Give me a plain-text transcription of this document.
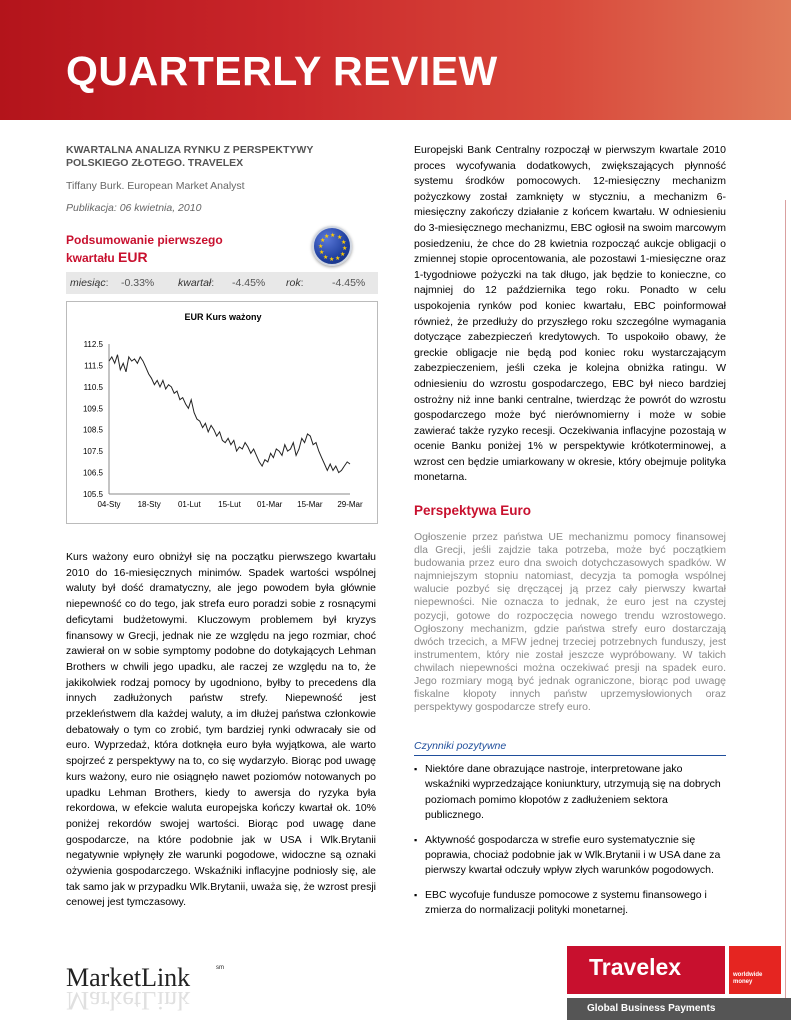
QUARTERLY REVIEW
KWARTALNA ANALIZA RYNKU Z PERSPEKTYWY
POLSKIEGO ZŁOTEGO. TRAVELEX
Tiffany Burk. European Market Analyst
Publikacja: 06 kwietnia, 2010
Podsumowanie pierwszego
kwartału EUR
★ ★
★
★
★
★
★
★
★
★
★
★
miesiąc: -0.33% kwartał: -4.45% rok:	-4.45%
EUR Kurs ważony
112.5
111.5
110.5
109.5
108.5
107.5
106.5
105.5
04-Sty 18-Sty 01-Lut 15-Lut 01-Mar 15-Mar 29-Mar
Kurs ważony euro obniżył się na początku pierwszego kwartału 2010 do 16-miesięcznych minimów. Spadek wartości wspólnej waluty był dość dramatyczny, ale jego powodem była głównie niepewność co do tego, jak strefa euro poradzi sobie z rosnącymi deficytami budżetowymi. Kluczowym problemem był kryzys finansowy w Grecji, jednak nie ze względu na jego rozmiar, choć zawierał on w sobie symptomy podobne do dotykających Lehman Brothers w chwili jego upadku, ale raczej ze względu na to, że jakikolwiek rodzaj pomocy by ugodniono, byłby to precedens dla innych zadłużonych państw strefy. Niepewność jest przekleństwem dla każdej waluty, a im dłużej państwa członkowie debatowały o tym co zrobić, tym bardziej rynki odwracały sie od euro. Wyprzedaż, która dotknęła euro była wyjątkowa, ale warto spojrzeć z perspektywy na to, co się wydarzyło. Biorąc pod uwagę kurs ważony, euro nie osiągnęło nawet poziomów notowanych po upadku Lehman Brothers, kiedy to awersja do ryzyka była rekordowa, w efekcie waluta europejska kończy kwartał ok. 10% poniżej rekordów swojej wartości. Biorąc pod uwagę dane gospodarcze, na które podobnie jak w USA i Wlk.Brytanii negatywnie wpłynęły złe warunki pogodowe, widoczne są oznaki ożywienia gospodarczego. Wskaźniki inflacyjne podniosły się, ale tak samo jak w przypadku Wlk.Brytanii, uważa się, że wzrost presji cenowej jest tymczasowy.
Europejski Bank Centralny rozpoczął w pierwszym kwartale 2010 proces wycofywania dodatkowych, zwiększających płynność systemu środków pomocowych. 12-miesięczny mechanizm pożyczkowy został zamknięty w styczniu, a mechanizm 6-miesięczny zakończy działanie z końcem kwartału. W odniesieniu do 3-miesięcznego mechanizmu, EBC ogłosił na swoim marcowym posiedzeniu, że chce do 28 kwietnia rozpocząć aukcje obligacji o zmiennej stopie oprocentowania, ale pozostawi 1-miesięczne oraz 1-tygodniowe pożyczki na tak długo, jak będzie to konieczne, co najmniej do 12 października tego roku. Ponadto w celu uspokojenia rynków pod koniec kwartału, EBC poinformował również, że przedłuży do przyszłego roku szczególne wymagania dotyczące zabezpieczeń kredytowych. To uspokoiło obawy, że greckie obligacje nie będą pod koniec roku wystarczającym zabezpieczeniem, jeśli czeka je kolejna obniżka ratingu. W odniesieniu do wzrostu gospodarczego, EBC był nieco bardziej ostrożny niż inne banki centralne, twierdząc że powrót do wzrostu gospodarczego może być nierównomierny i może w sobie zawierać także ryzyko recesji. Oczekiwania inflacyjne pozostają w ocenie Banku poniżej 1% w perspektywie krótkoterminowej, a wzrost cen będzie umiarkowany w okresie, który obejmuje polityka monetarna.
Perspektywa Euro
Ogłoszenie przez państwa UE mechanizmu pomocy finansowej dla Grecji, jeśli zajdzie taka potrzeba, może być początkiem budowania przez euro dna swoich dotychczasowych spadków. W najmniejszym stopniu natomiast, decyzja ta pomogła wspólnej walucie pozbyć się dręczącej ją przez cały pierwszy kwartał niepewności. Nie oznacza to jednak, że euro jest na czystej pozycji, gotowe do rozpoczęcia nowego trendu wzrostowego. Ogłoszony mechanizm, gdzie państwa strefy euro dostarczają dwóch trzecich, a MFW jednej trzeciej potrzebnych funduszy, jest instrumentem, który nie został jeszcze wypróbowany. W takich chwilach niepewności można oczekiwać presji na spadek euro. Jego rozmiary mogą być jednak ograniczone, biorąc pod uwagę fiskalne kłopoty innych państw uprzemysłowionych oraz perspektywy gospodarcze strefy euro.
Czynniki pozytywne
▪ Niektóre dane obrazujące nastroje, interpretowane jako wskaźniki wyprzedzające koniunktury, utrzymują się na dobrych poziomach pomimo kłopotów z zadłużeniem sektora publicznego.
▪ Aktywność gospodarcza w strefie euro systematycznie się poprawia, chociaż podobnie jak w Wlk.Brytanii i w USA dane za pierwszy kwartał odczuły wpływ złych warunków pogodowych.
▪ EBC wycofuje fundusze pomocowe z systemu finansowego i zmierza do normalizacji polityki monetarnej.
MarketLink
MarketLink
sm	Travelex	worldwide money
Global Business Payments
